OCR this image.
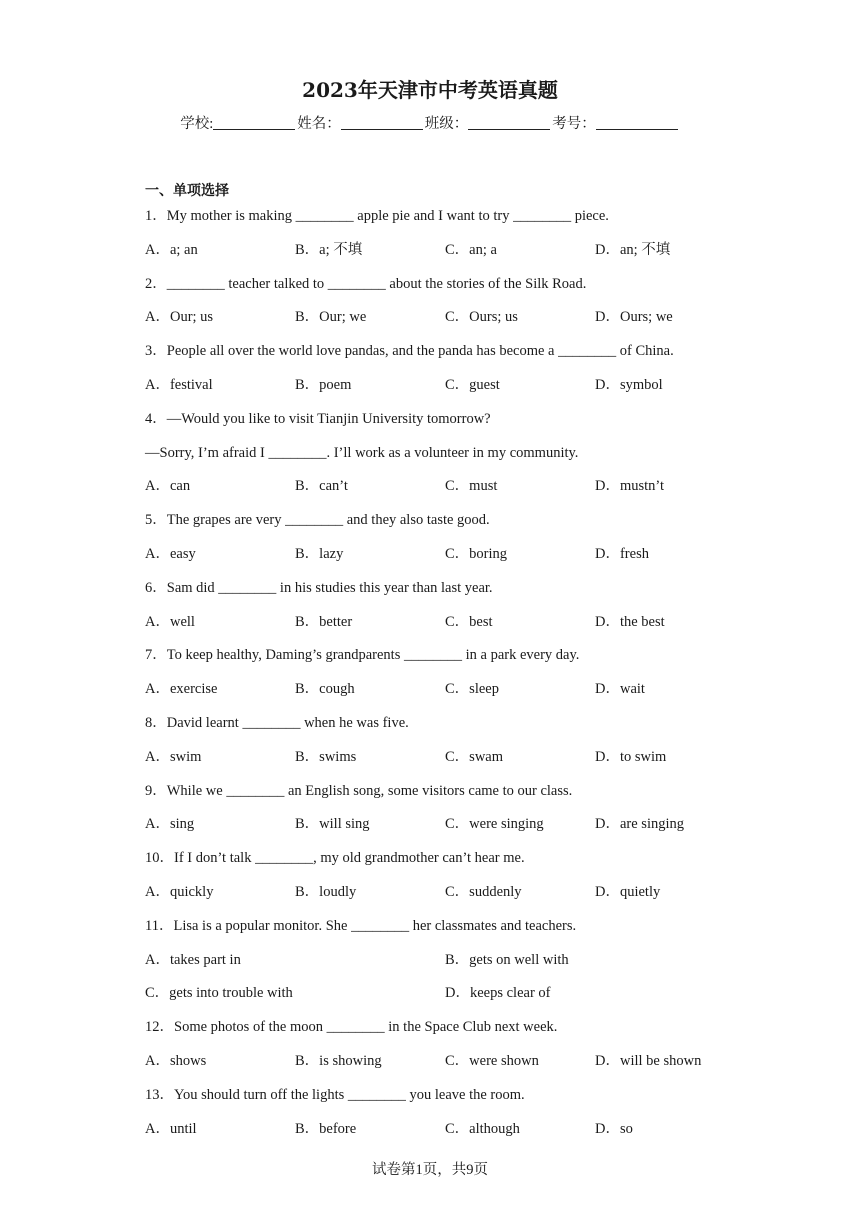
2023年天津市中考英语真题
学校:	姓名：	班级：	考号：
一、单项选择
1．My mother is making ________ apple pie and I want to try ________ piece.
A．a; an	B．a; 不填	C．an; a	D．an; 不填
2．________ teacher talked to ________ about the stories of the Silk Road.
A．Our; us	B．Our; we	C．Ours; us	D．Ours; we
3．People all over the world love pandas, and the panda has become a ________ of China.
A．festival	B．poem	C．guest	D．symbol
4．—Would you like to visit Tianjin University tomorrow?
—Sorry, I’m afraid I ________. I’ll work as a volunteer in my community.
A．can	B．can’t	C．must	D．mustn’t
5．The grapes are very ________ and they also taste good.
A．easy	B．lazy	C．boring	D．fresh
6．Sam did ________ in his studies this year than last year.
A．well	B．better	C．best	D．the best
7．To keep healthy, Daming’s grandparents ________ in a park every day.
A．exercise	B．cough	C．sleep	D．wait
8．David learnt ________ when he was five.
A．swim	B．swims	C．swam	D．to swim
9．While we ________ an English song, some visitors came to our class.
A．sing	B．will sing	C．were singing	D．are singing
10．If I don’t talk ________, my old grandmother can’t hear me.
A．quickly	B．loudly	C．suddenly	D．quietly
11．Lisa is a popular monitor. She ________ her classmates and teachers.
A．takes part in	B．gets on well with
C．gets into trouble with	D．keeps clear of
12．Some photos of the moon ________ in the Space Club next week.
A．shows	B．is showing	C．were shown	D．will be shown
13．You should turn off the lights ________ you leave the room.
A．until	B．before	C．although	D．so
试卷第1页，共9页
